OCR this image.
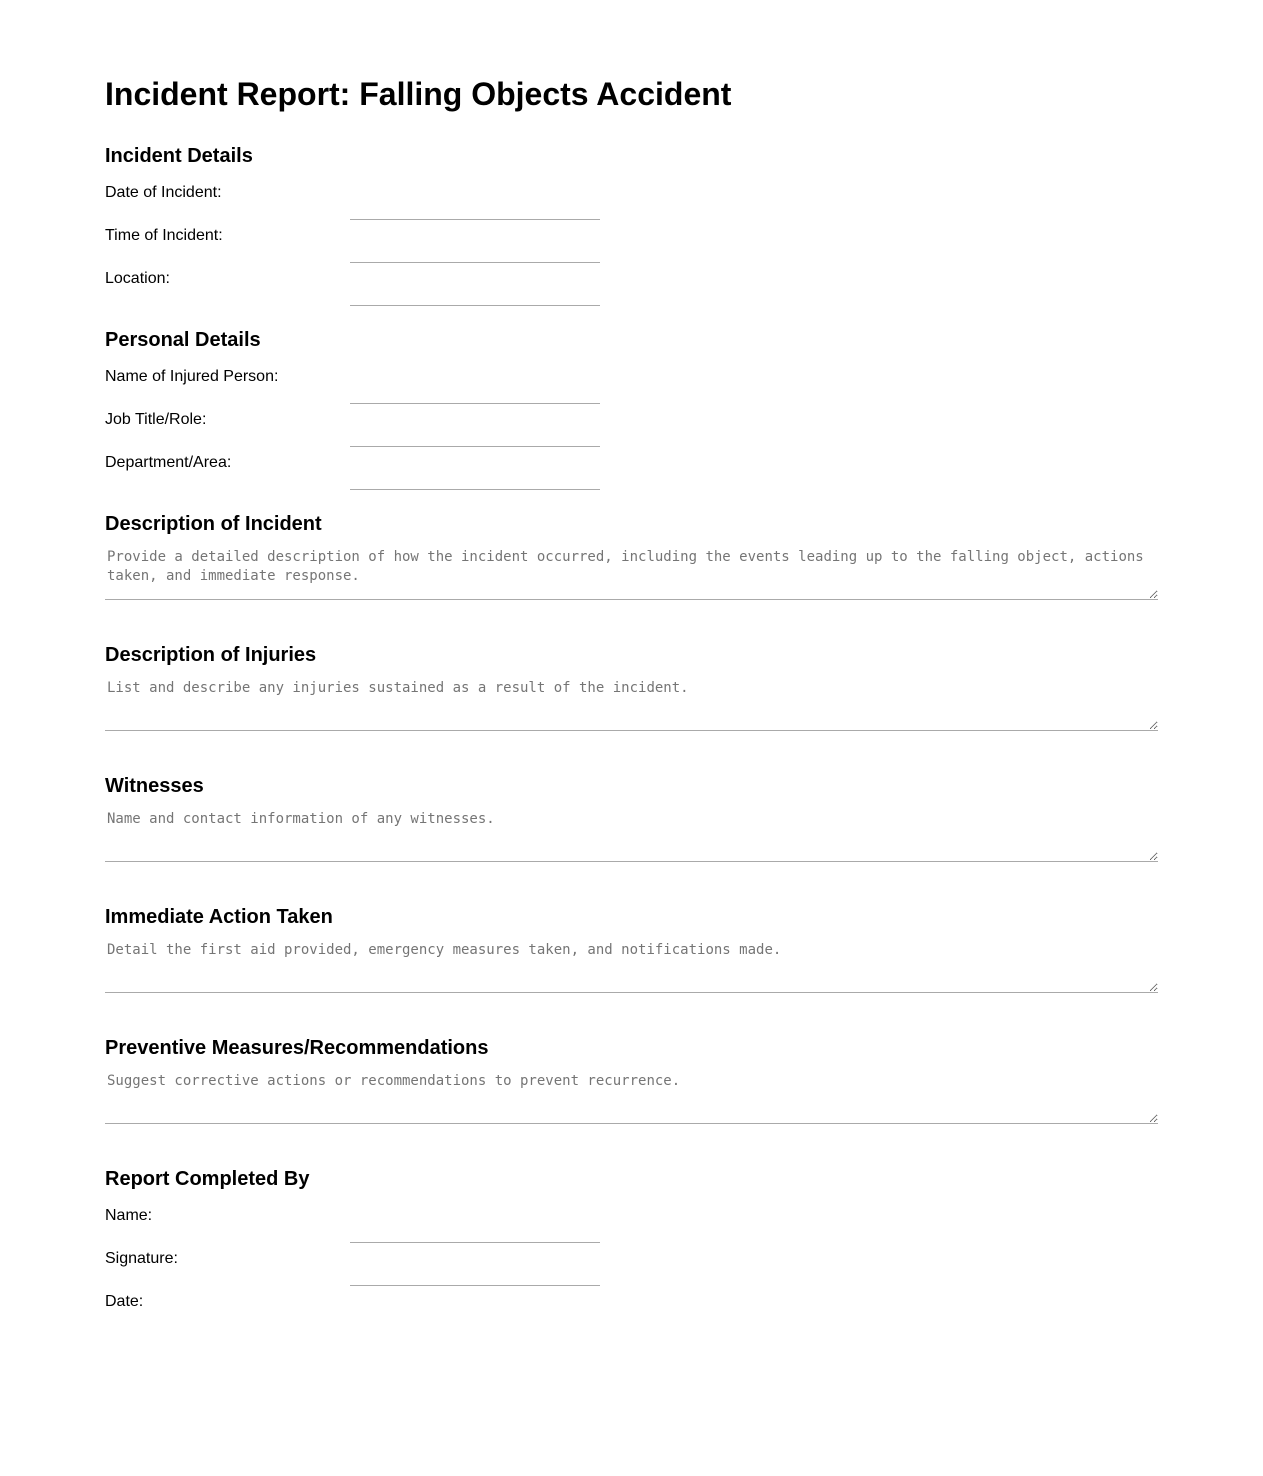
Incident Report: Falling Objects Accident
Incident Details
Date of Incident:
Time of Incident:
Location:
Personal Details
Name of Injured Person:
Job Title/Role:
Department/Area:
Description of Incident
Provide a detailed description of how the incident occurred, including the events leading up to the falling object, actions taken, and immediate response.
Description of Injuries
List and describe any injuries sustained as a result of the incident.
Witnesses
Name and contact information of any witnesses.
Immediate Action Taken
Detail the first aid provided, emergency measures taken, and notifications made.
Preventive Measures/Recommendations
Suggest corrective actions or recommendations to prevent recurrence.
Report Completed By
Name:
Signature:
Date:
